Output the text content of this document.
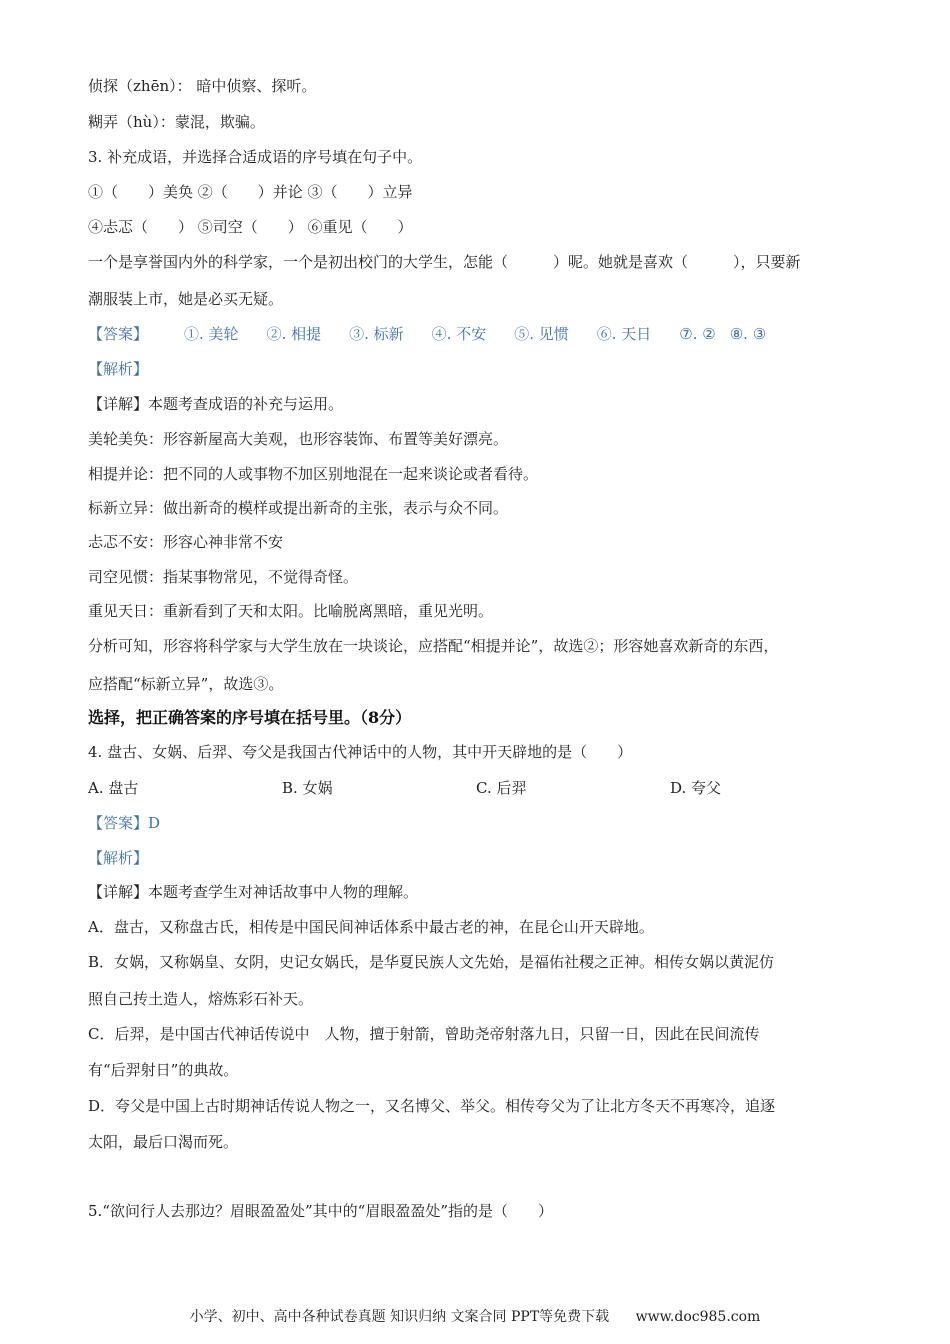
侦探（zhēn）： 暗中侦察、探听。
糊弄（hù）：蒙混，欺骗。
3. 补充成语，并选择合适成语的序号填在句子中。
①（　　）美奂 ②（　　）并论 ③（　　）立异
④忐忑（　　） ⑤司空（　　） ⑥重见（　　）
一个是享誉国内外的科学家，一个是初出校门的大学生，怎能（　　　）呢。她就是喜欢（　　　），只要新
潮服装上市，她是必买无疑。
【答案】 ①. 美轮 ②. 相提 ③. 标新 ④. 不安 ⑤. 见惯 ⑥. 天日 ⑦. ② ⑧. ③
【解析】
【详解】本题考查成语的补充与运用。
美轮美奂：形容新屋高大美观，也形容装饰、布置等美好漂亮。
相提并论：把不同的人或事物不加区别地混在一起来谈论或者看待。
标新立异：做出新奇的模样或提出新奇的主张，表示与众不同。
忐忑不安：形容心神非常不安
司空见惯：指某事物常见，不觉得奇怪。
重见天日：重新看到了天和太阳。比喻脱离黑暗，重见光明。
分析可知，形容将科学家与大学生放在一块谈论，应搭配“相提并论”，故选②；形容她喜欢新奇的东西，
应搭配“标新立异”，故选③。
选择，把正确答案的序号填在括号里。（8分）
4. 盘古、女娲、后羿、夸父是我国古代神话中的人物，其中开天辟地的是（　　）
A. 盘古	B. 女娲	C. 后羿	D. 夸父
【答案】D
【解析】
【详解】本题考查学生对神话故事中人物的理解。
A．盘古，又称盘古氏，相传是中国民间神话体系中最古老的神，在昆仑山开天辟地。
B．女娲，又称娲皇、女阴，史记女娲氏，是华夏民族人文先始，是福佑社稷之正神。相传女娲以黄泥仿
照自己抟土造人，熔炼彩石补天。
C．后羿，是中国古代神话传说中　人物，擅于射箭，曾助尧帝射落九日，只留一日，因此在民间流传
有“后羿射日”的典故。
D．夸父是中国上古时期神话传说人物之一，又名博父、举父。相传夸父为了让北方冬天不再寒冷，追逐
太阳，最后口渴而死。
5.“欲问行人去那边？眉眼盈盈处”其中的“眉眼盈盈处”指的是（　　）
小学、初中、高中各种试卷真题 知识归纳 文案合同 PPT等免费下载 www.doc985.com
